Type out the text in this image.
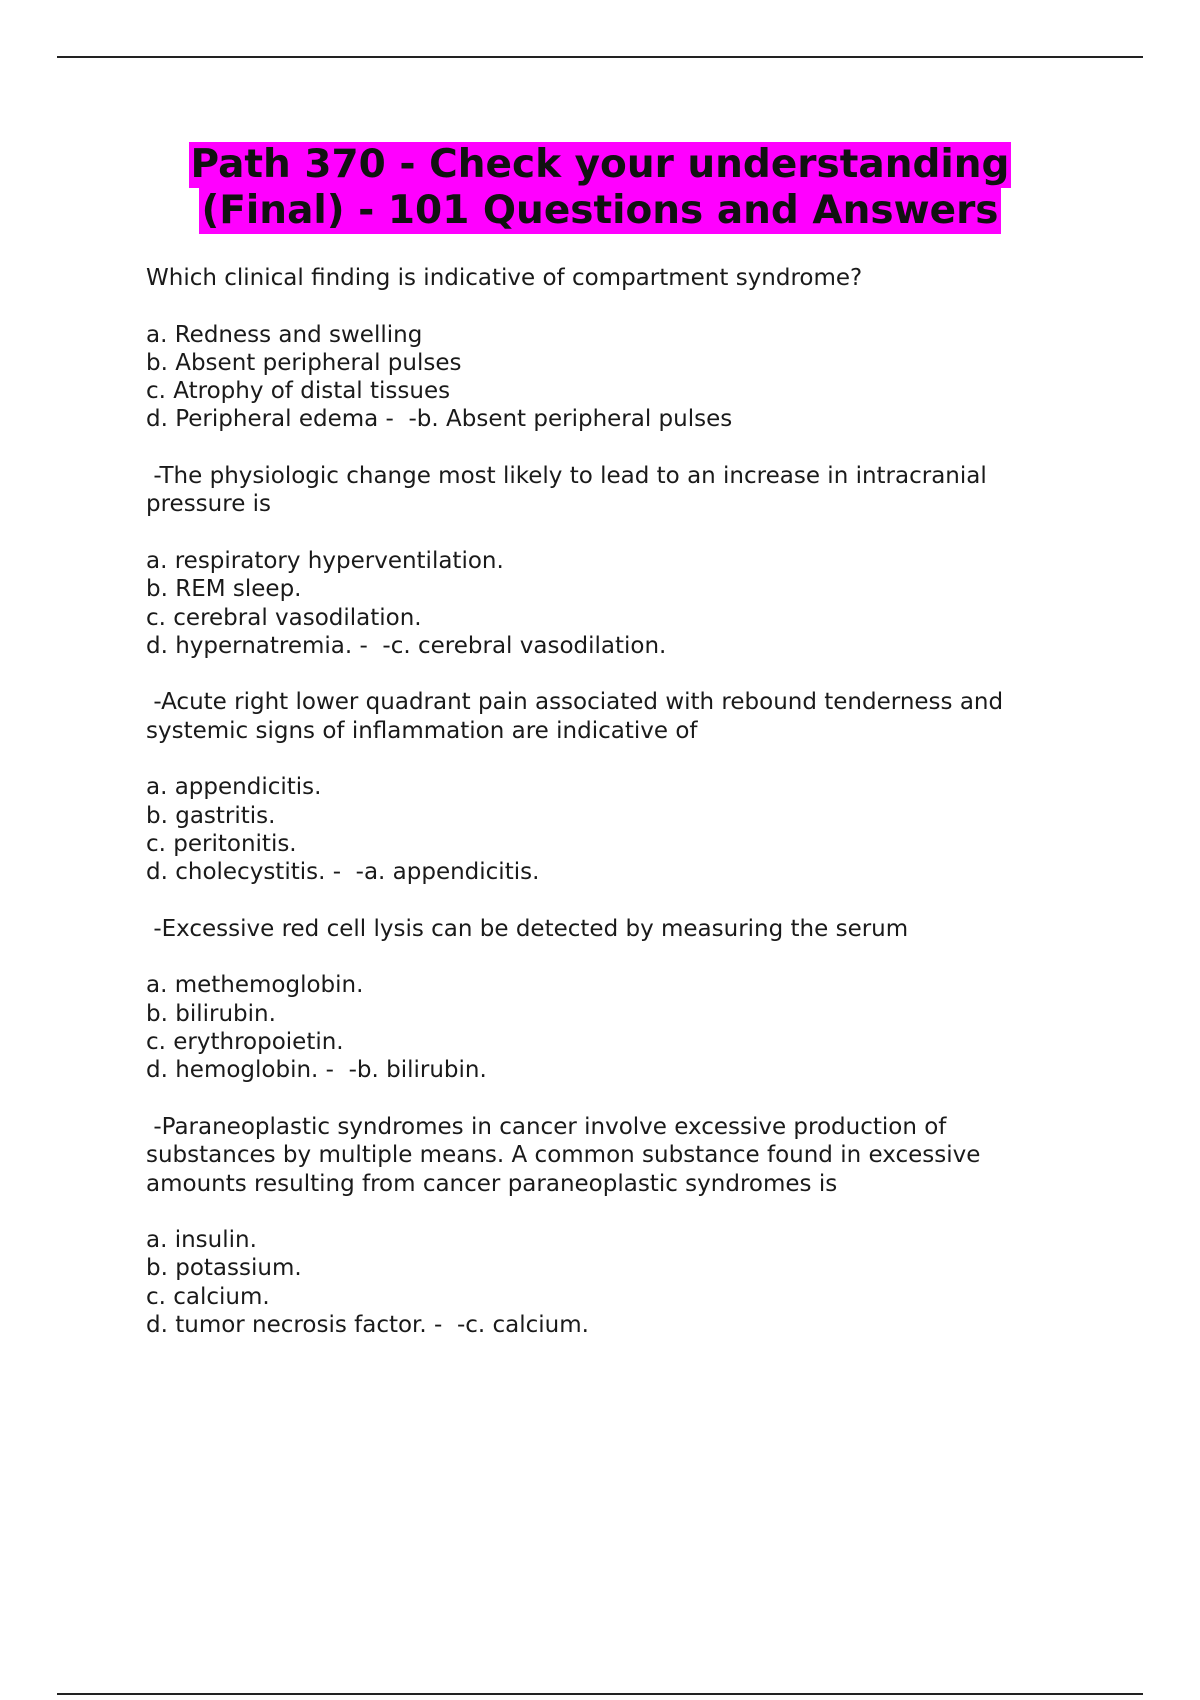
Path 370 - Check your understanding
(Final) - 101 Questions and Answers

Which clinical finding is indicative of compartment syndrome?

a. Redness and swelling

b. Absent peripheral pulses

c. Atrophy of distal tissues

d. Peripheral edema -  -b. Absent peripheral pulses

-The physiologic change most likely to lead to an increase in intracranial pressure is

a. respiratory hyperventilation.

b. REM sleep.

c. cerebral vasodilation.

d. hypernatremia. -  -c. cerebral vasodilation.

-Acute right lower quadrant pain associated with rebound tenderness and systemic signs of inflammation are indicative of

a. appendicitis.

b. gastritis.

c. peritonitis.

d. cholecystitis. -  -a. appendicitis.

-Excessive red cell lysis can be detected by measuring the serum

a. methemoglobin.

b. bilirubin.

c. erythropoietin.

d. hemoglobin. -  -b. bilirubin.

-Paraneoplastic syndromes in cancer involve excessive production of substances by multiple means. A common substance found in excessive amounts resulting from cancer paraneoplastic syndromes is

a. insulin.

b. potassium.

c. calcium.

d. tumor necrosis factor. -  -c. calcium.
